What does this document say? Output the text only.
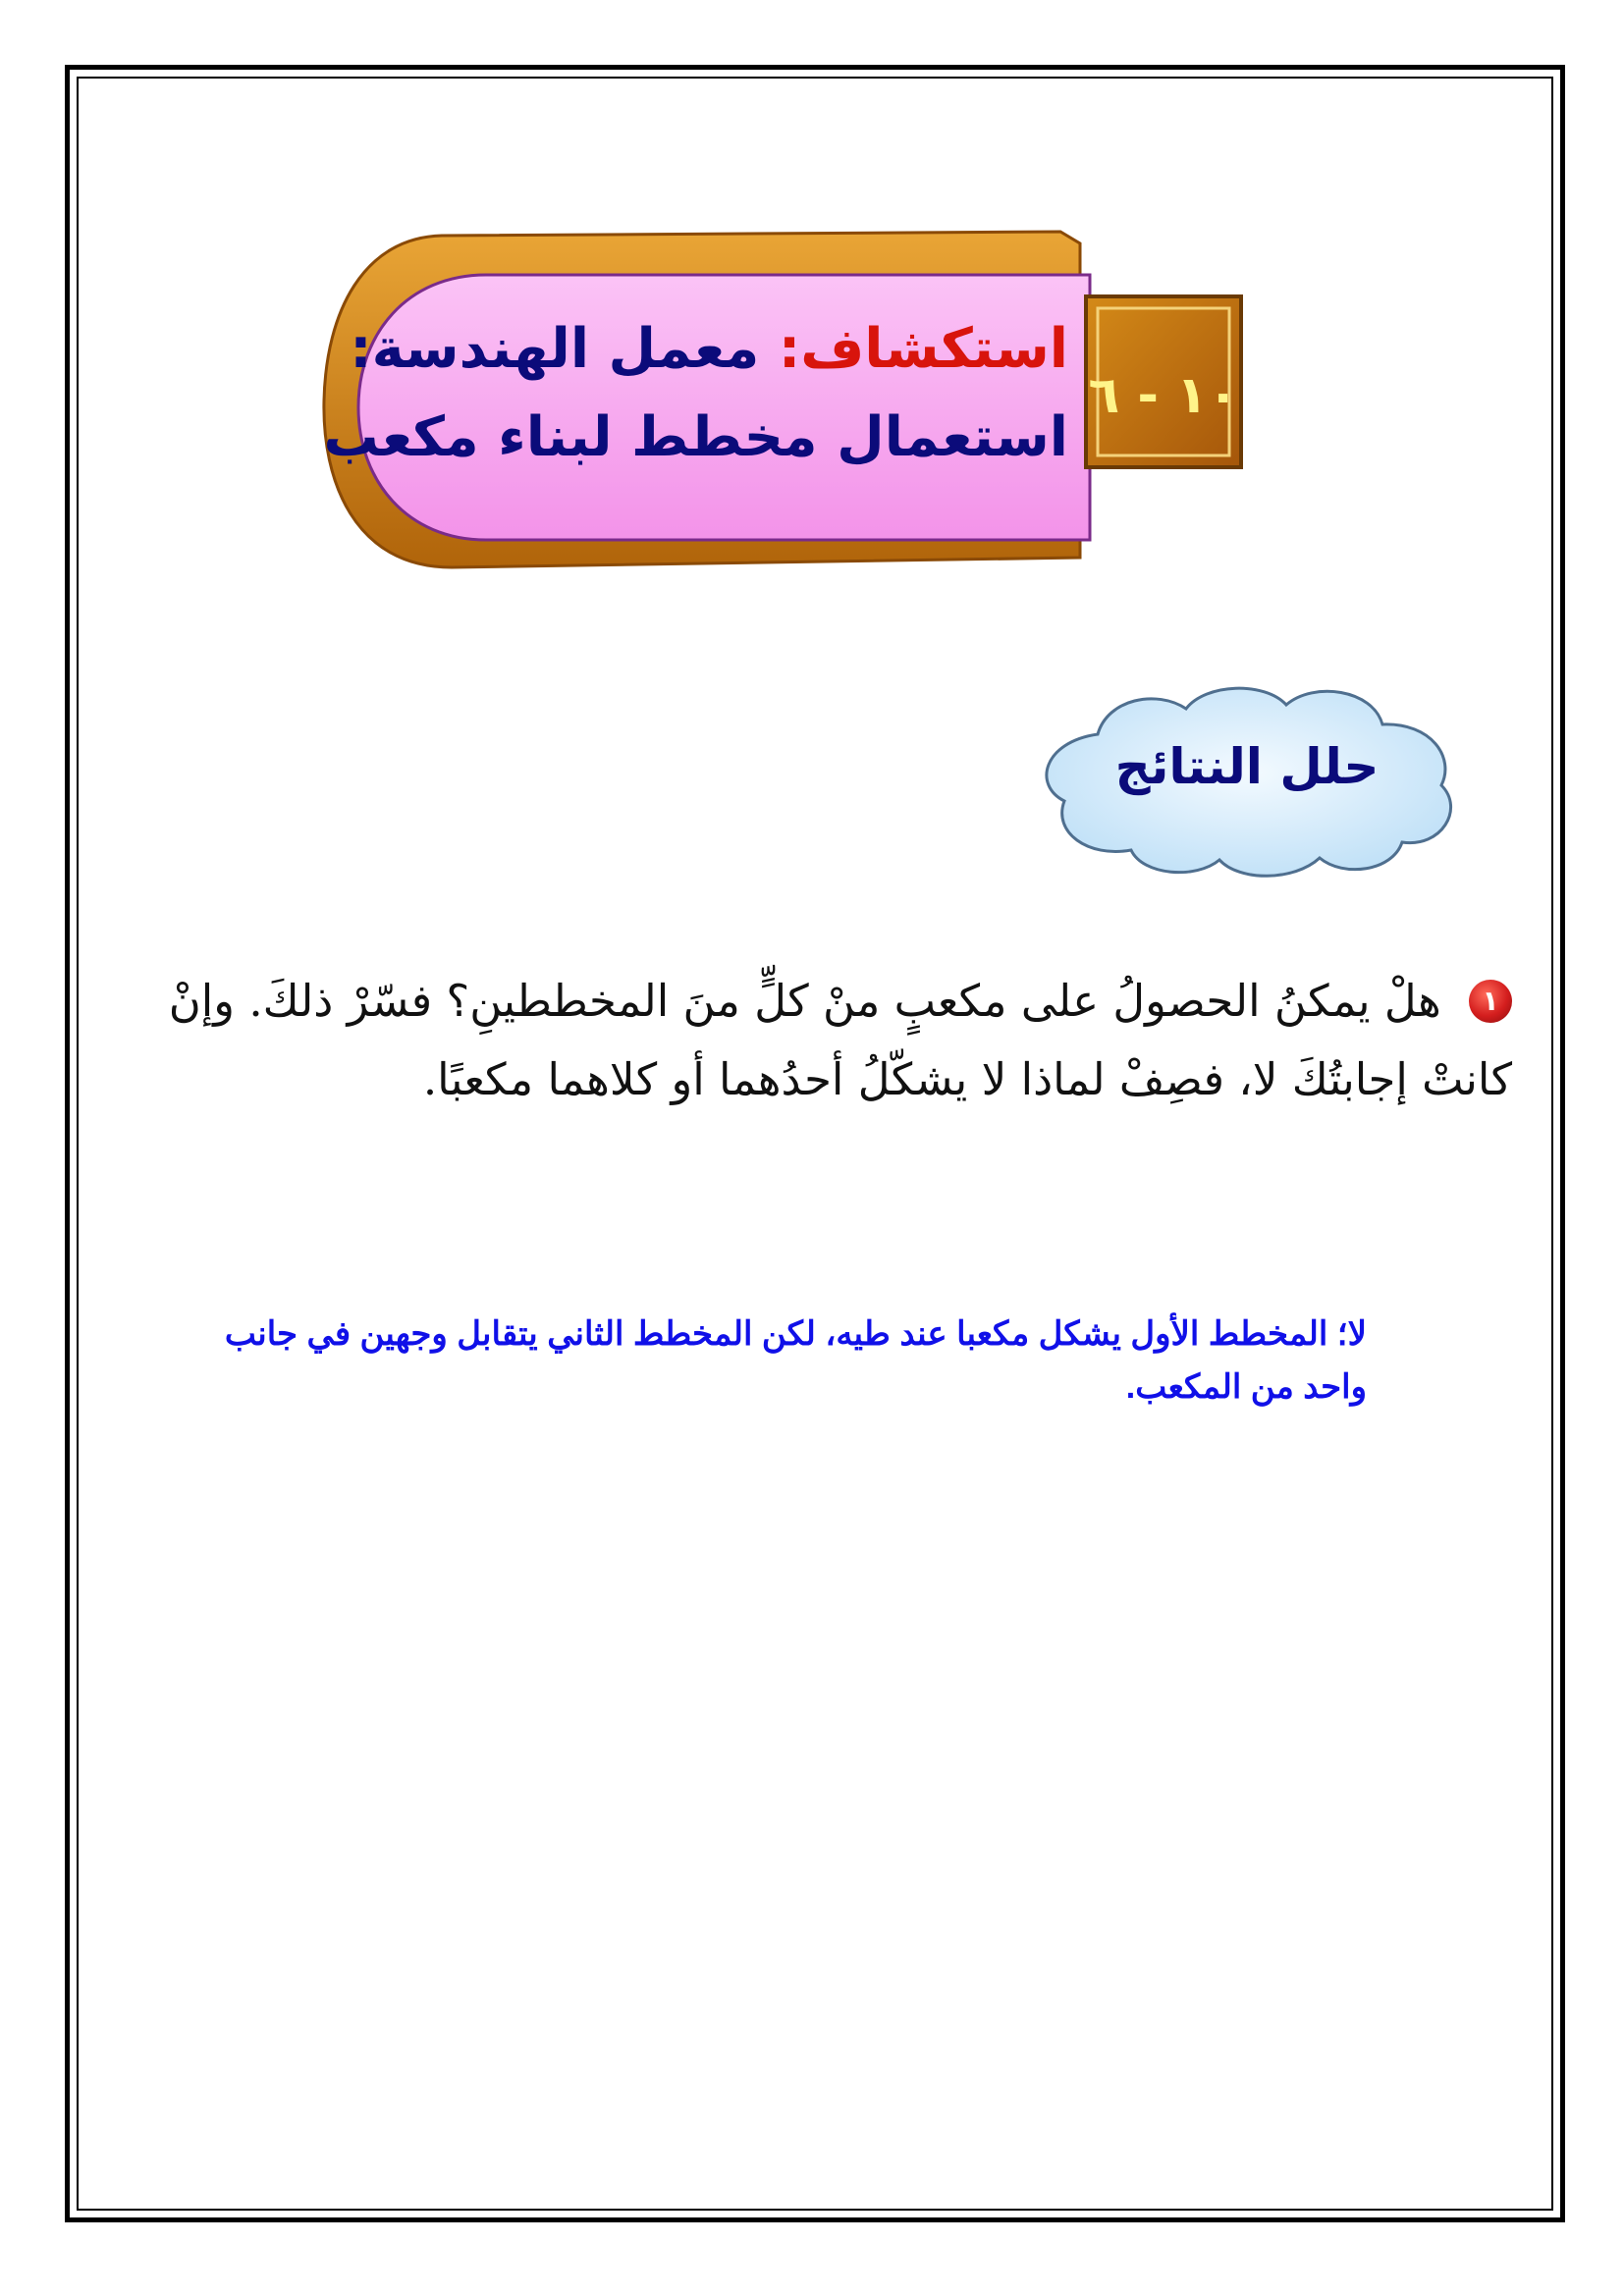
١٠ - ٦
استكشاف: معمل الهندسة:
استعمال مخطط لبناء مكعب
حلل النتائج
١ هلْ يمكنُ الحصولُ على مكعبٍ منْ كلٍّ منَ المخططينِ؟ فسّرْ ذلكَ. وإنْ كانتْ إجابتُكَ لا، فصِفْ لماذا لا يشكّلُ أحدُهما أو كلاهما مكعبًا.
لا؛ المخطط الأول يشكل مكعبا عند طيه، لكن المخطط الثاني يتقابل وجهين في جانب واحد من المكعب.
